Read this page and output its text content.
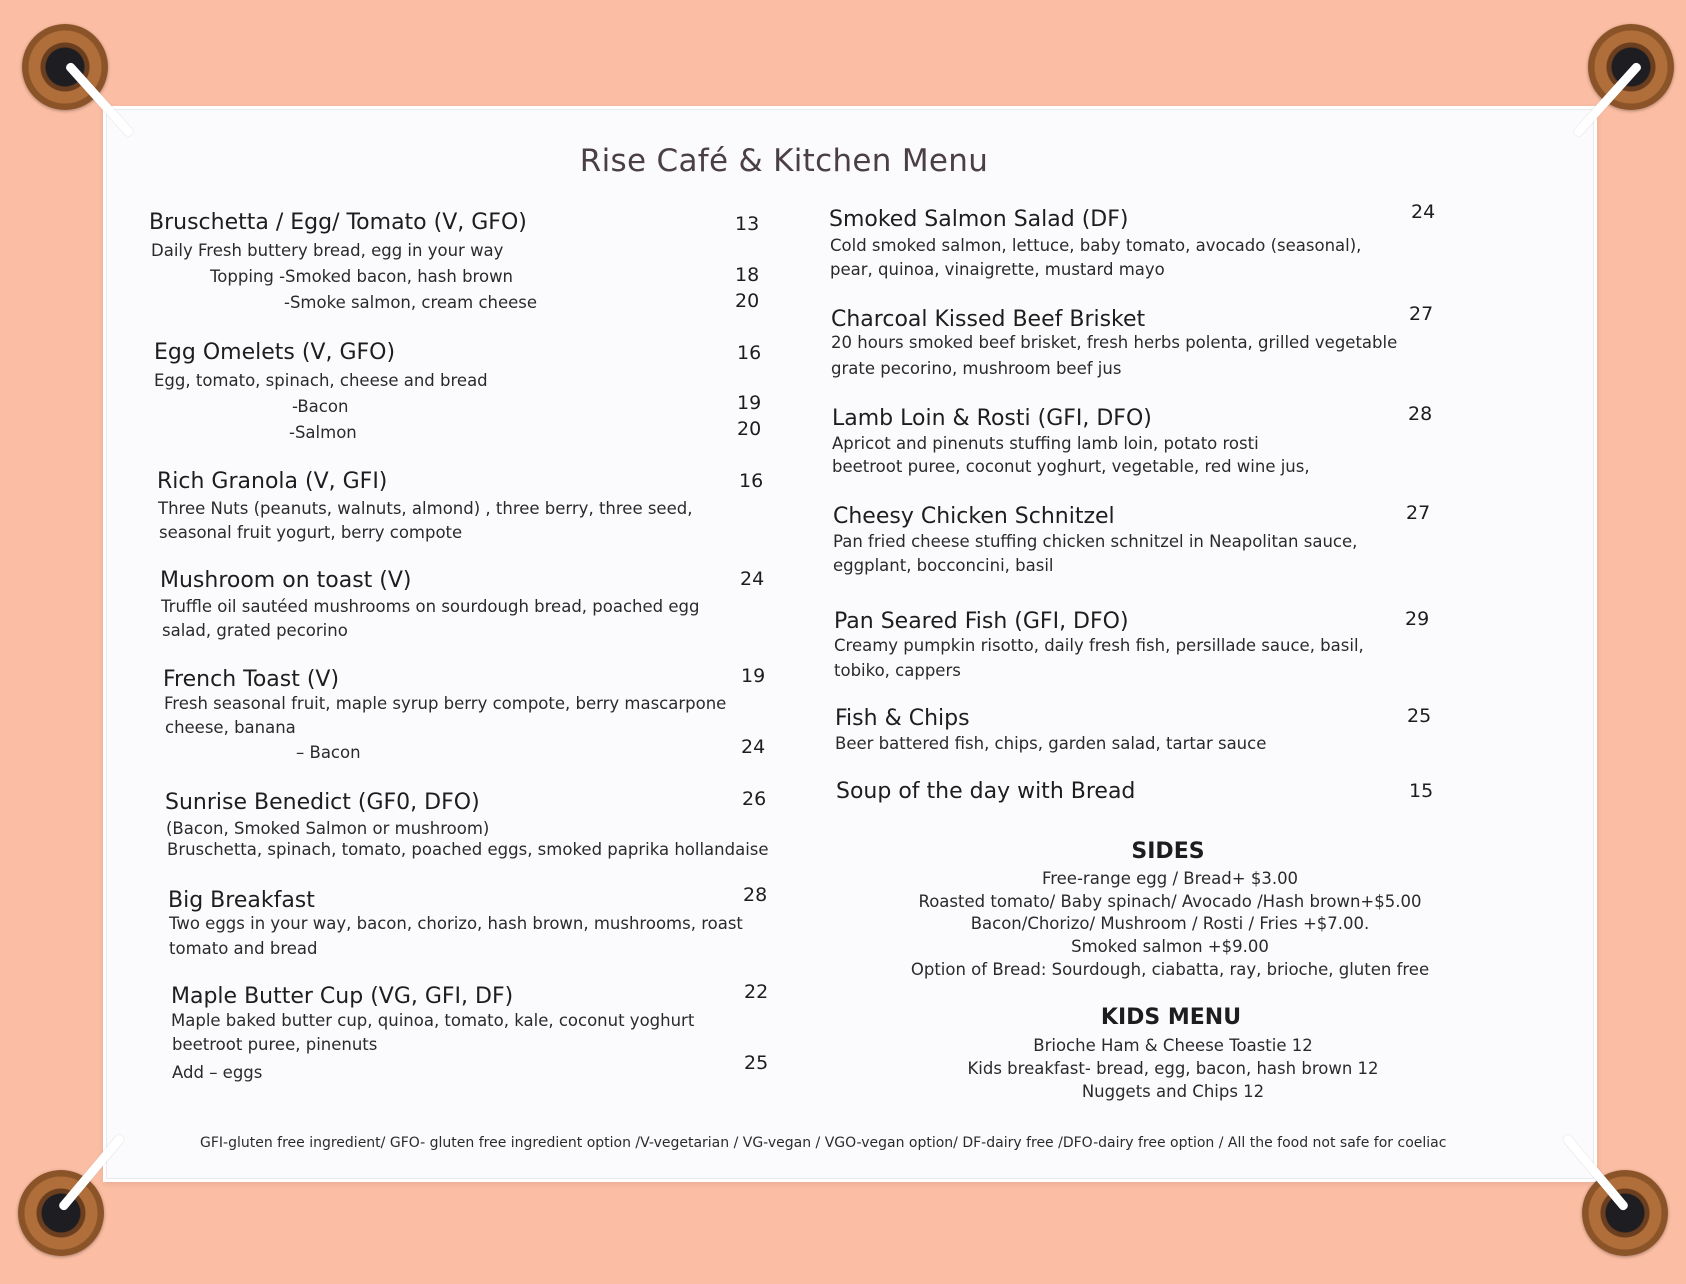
Rise Café & Kitchen Menu
Bruschetta / Egg/ Tomato (V, GFO)	13
Daily Fresh buttery bread, egg in your way
Topping -Smoked bacon, hash brown	18
-Smoke salmon, cream cheese	20
Egg Omelets (V, GFO)	16
Egg, tomato, spinach, cheese and bread
-Bacon	19
-Salmon	20
Rich Granola (V, GFI)	16
Three Nuts (peanuts, walnuts, almond) , three berry, three seed,
seasonal fruit yogurt, berry compote
Mushroom on toast (V)	24
Truffle oil sautéed mushrooms on sourdough bread, poached egg
salad, grated pecorino
French Toast (V)	19
Fresh seasonal fruit, maple syrup berry compote, berry mascarpone
cheese, banana
– Bacon	24
Sunrise Benedict (GF0, DFO)	26
(Bacon, Smoked Salmon or mushroom)
Bruschetta, spinach, tomato, poached eggs, smoked paprika hollandaise
Big Breakfast	28
Two eggs in your way, bacon, chorizo, hash brown, mushrooms, roast
tomato and bread
Maple Butter Cup (VG, GFI, DF)	22
Maple baked butter cup, quinoa, tomato, kale, coconut yoghurt
beetroot puree, pinenuts
Add – eggs	25
Smoked Salmon Salad (DF)	24
Cold smoked salmon, lettuce, baby tomato, avocado (seasonal),
pear, quinoa, vinaigrette, mustard mayo
Charcoal Kissed Beef Brisket	27
20 hours smoked beef brisket, fresh herbs polenta, grilled vegetable
grate pecorino, mushroom beef jus
Lamb Loin & Rosti (GFI, DFO)	28
Apricot and pinenuts stuffing lamb loin, potato rosti
beetroot puree, coconut yoghurt, vegetable, red wine jus,
Cheesy Chicken Schnitzel	27
Pan fried cheese stuffing chicken schnitzel in Neapolitan sauce,
eggplant, bocconcini, basil
Pan Seared Fish (GFI, DFO)	29
Creamy pumpkin risotto, daily fresh fish, persillade sauce, basil,
tobiko, cappers
Fish & Chips	25
Beer battered fish, chips, garden salad, tartar sauce
Soup of the day with Bread	15
SIDES
Free-range egg / Bread+ $3.00
Roasted tomato/ Baby spinach/ Avocado /Hash brown+$5.00
Bacon/Chorizo/ Mushroom / Rosti / Fries +$7.00.
Smoked salmon +$9.00
Option of Bread: Sourdough, ciabatta, ray, brioche, gluten free
KIDS MENU
Brioche Ham & Cheese Toastie 12
Kids breakfast- bread, egg, bacon, hash brown 12
Nuggets and Chips 12
GFI-gluten free ingredient/ GFO- gluten free ingredient option /V-vegetarian / VG-vegan / VGO-vegan option/ DF-dairy free /DFO-dairy free option / All the food not safe for coeliac
